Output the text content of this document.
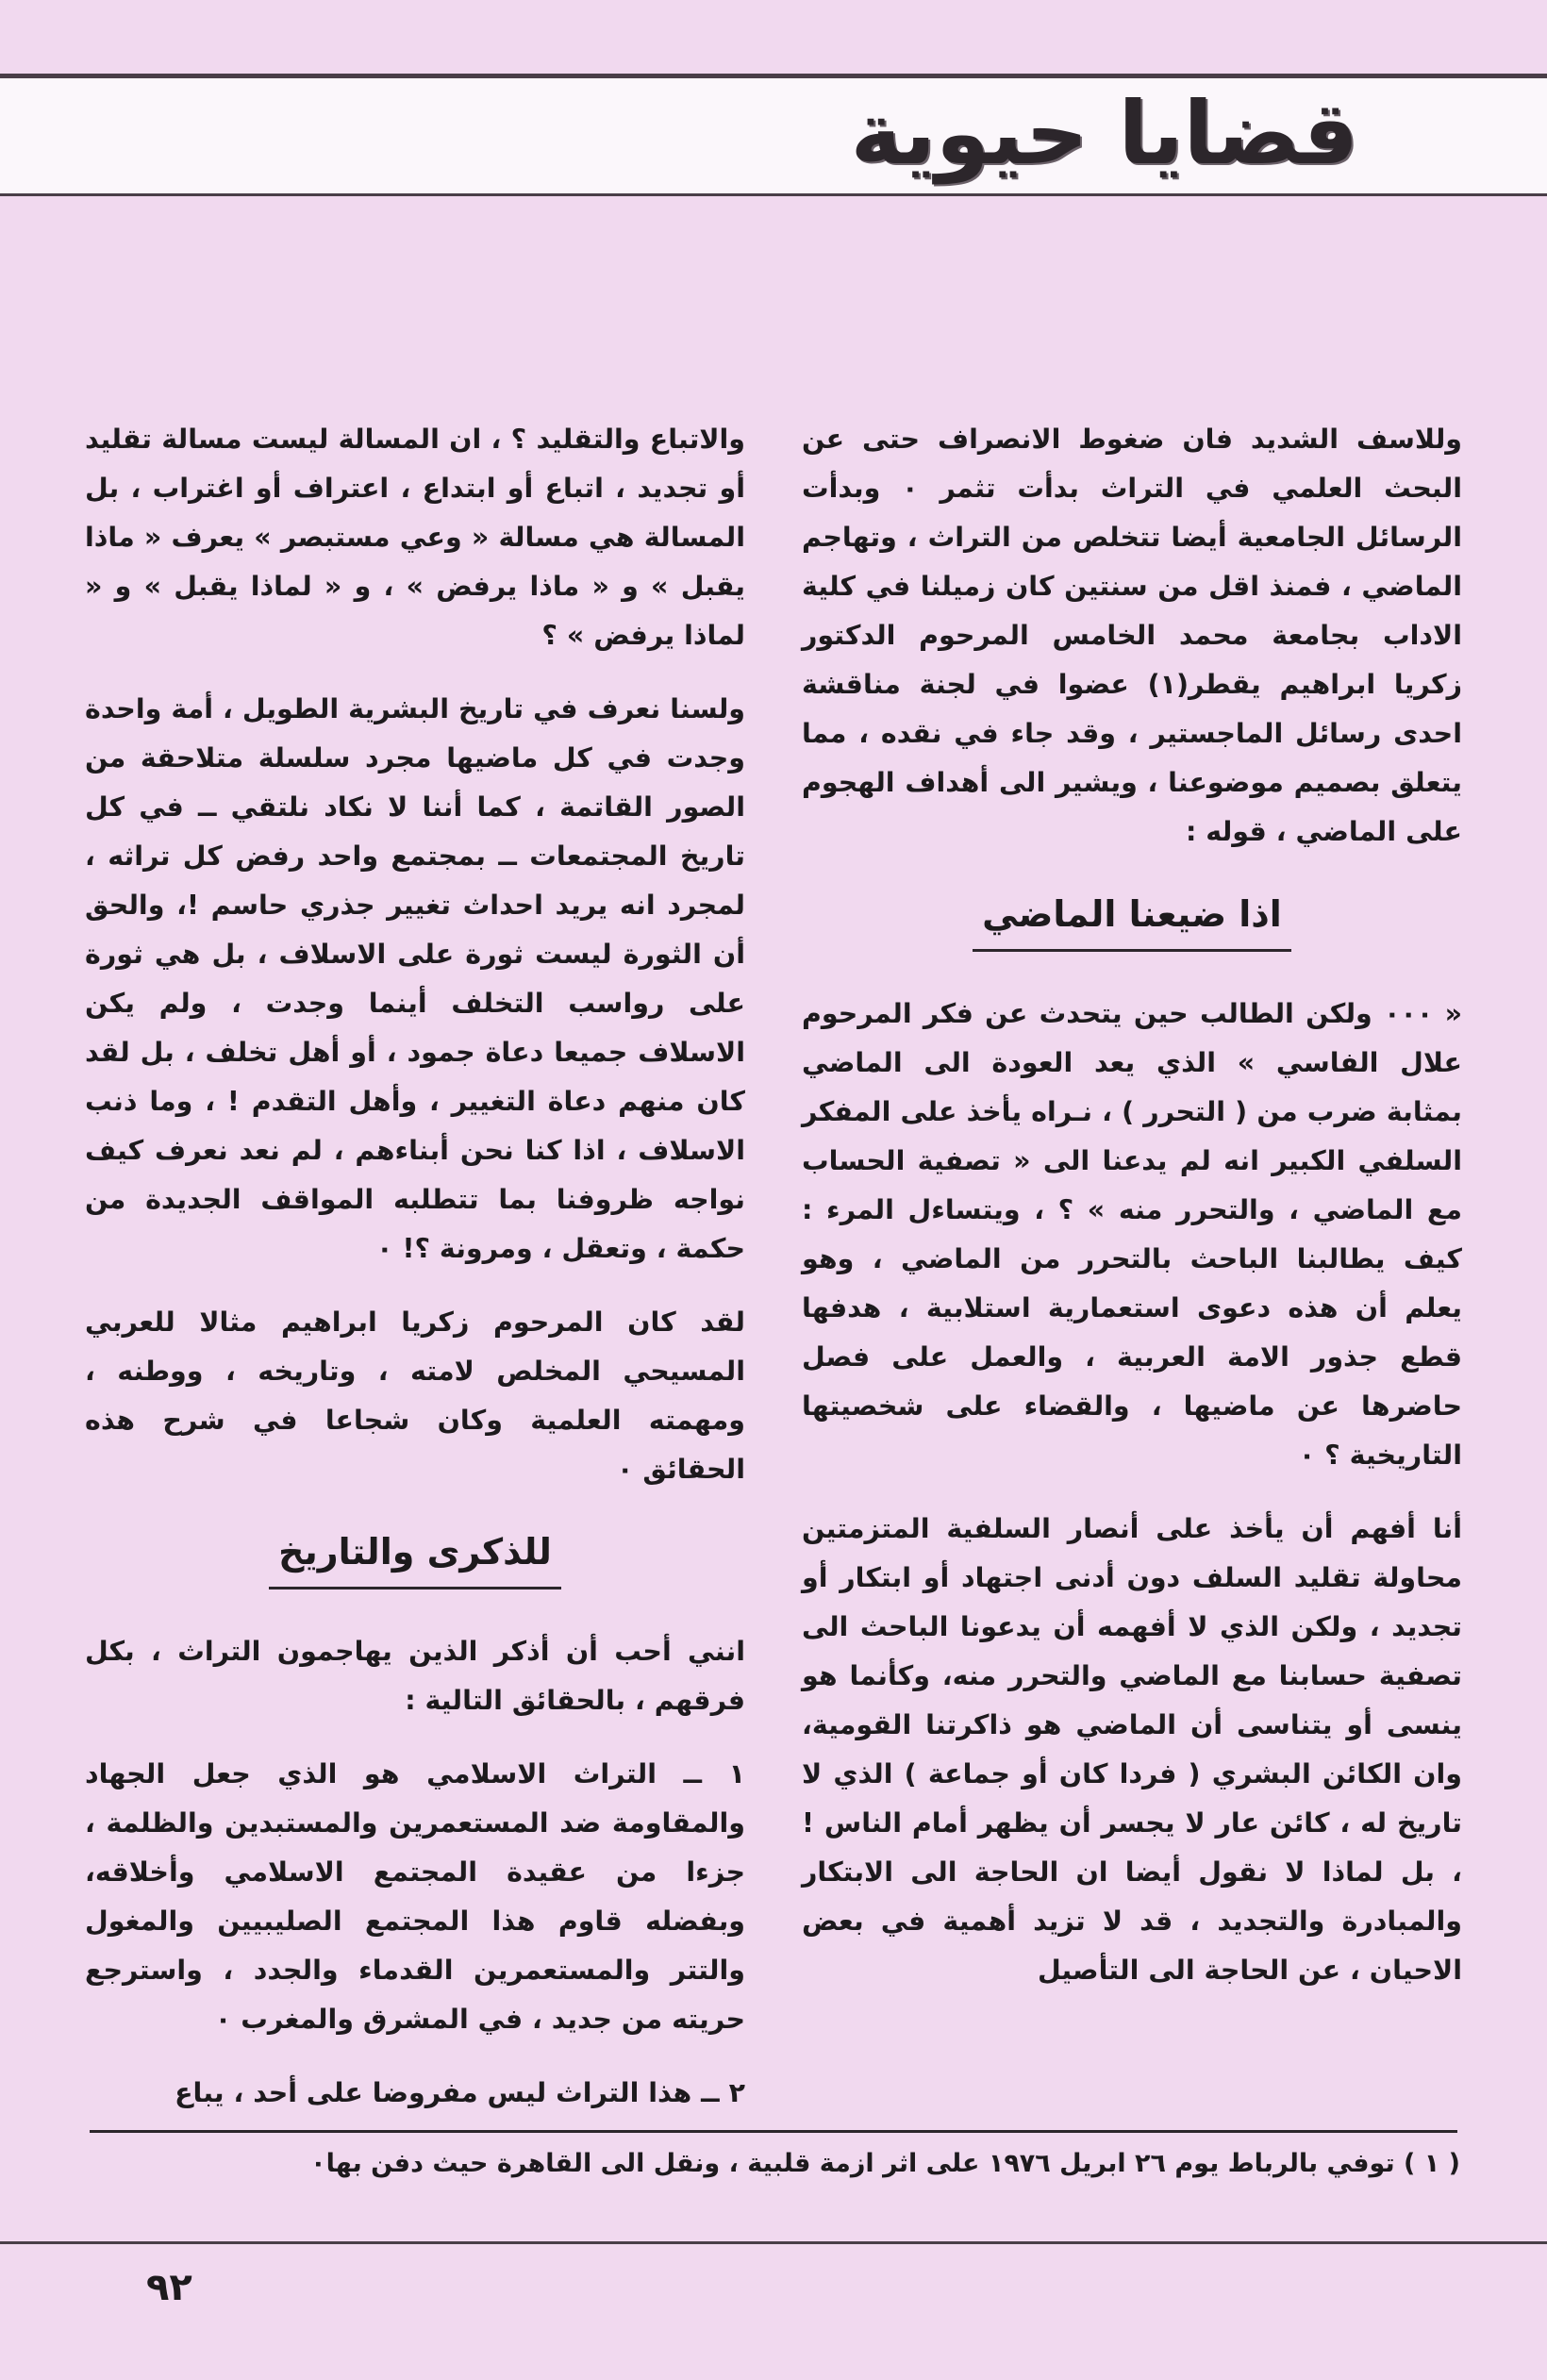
قضايا حيوية

وللاسف الشديد فان ضغوط الانصراف حتى عن البحث العلمي في التراث بدأت تثمر ٠ وبدأت الرسائل الجامعية أيضا تتخلص من التراث ، وتهاجم الماضي ، فمنذ اقل من سنتين كان زميلنا في كلية الاداب بجامعة محمد الخامس المرحوم الدكتور زكريا ابراهيم يقطر(١) عضوا في لجنة مناقشة احدى رسائل الماجستير ، وقد جاء في نقده ، مما يتعلق بصميم موضوعنا ، ويشير الى أهداف الهجوم على الماضي ، قوله :

اذا ضيعنا الماضي

« ٠٠٠ ولكن الطالب حين يتحدث عن فكر المرحوم علال الفاسي » الذي يعد العودة الى الماضي بمثابة ضرب من ( التحرر ) ، نـراه يأخذ على المفكر السلفي الكبير انه لم يدعنا الى « تصفية الحساب مع الماضي ، والتحرر منه » ؟ ، ويتساءل المرء : كيف يطالبنا الباحث بالتحرر من الماضي ، وهو يعلم أن هذه دعوى استعمارية استلابية ، هدفها قطع جذور الامة العربية ، والعمل على فصل حاضرها عن ماضيها ، والقضاء على شخصيتها التاريخية ؟ ٠

أنا أفهم أن يأخذ على أنصار السلفية المتزمتين محاولة تقليد السلف دون أدنى اجتهاد أو ابتكار أو تجديد ، ولكن الذي لا أفهمه أن يدعونا الباحث الى تصفية حسابنا مع الماضي والتحرر منه، وكأنما هو ينسى أو يتناسى أن الماضي هو ذاكرتنا القومية، وان الكائن البشري ( فردا كان أو جماعة ) الذي لا تاريخ له ، كائن عار لا يجسر أن يظهر أمام الناس ! ، بل لماذا لا نقول أيضا ان الحاجة الى الابتكار والمبادرة والتجديد ، قد لا تزيد أهمية في بعض الاحيان ، عن الحاجة الى التأصيل

والاتباع والتقليد ؟ ، ان المسالة ليست مسالة تقليد أو تجديد ، اتباع أو ابتداع ، اعتراف أو اغتراب ، بل المسالة هي مسالة « وعي مستبصر » يعرف « ماذا يقبل » و « ماذا يرفض » ، و « لماذا يقبل » و « لماذا يرفض » ؟

ولسنا نعرف في تاريخ البشرية الطويل ، أمة واحدة وجدت في كل ماضيها مجرد سلسلة متلاحقة من الصور القاتمة ، كما أننا لا نكاد نلتقي ــ في كل تاريخ المجتمعات ــ بمجتمع واحد رفض كل تراثه ، لمجرد انه يريد احداث تغيير جذري حاسم !، والحق أن الثورة ليست ثورة على الاسلاف ، بل هي ثورة على رواسب التخلف أينما وجدت ، ولم يكن الاسلاف جميعا دعاة جمود ، أو أهل تخلف ، بل لقد كان منهم دعاة التغيير ، وأهل التقدم ! ، وما ذنب الاسلاف ، اذا كنا نحن أبناءهم ، لم نعد نعرف كيف نواجه ظروفنا بما تتطلبه المواقف الجديدة من حكمة ، وتعقل ، ومرونة ؟! ٠

لقد كان المرحوم زكريا ابراهيم مثالا للعربي المسيحي المخلص لامته ، وتاريخه ، ووطنه ، ومهمته العلمية وكان شجاعا في شرح هذه الحقائق ٠

للذكرى والتاريخ

انني أحب أن أذكر الذين يهاجمون التراث ، بكل فرقهم ، بالحقائق التالية :

١ ــ التراث الاسلامي هو الذي جعل الجهاد والمقاومة ضد المستعمرين والمستبدين والظلمة ، جزءا من عقيدة المجتمع الاسلامي وأخلاقه، وبفضله قاوم هذا المجتمع الصليبيين والمغول والتتر والمستعمرين القدماء والجدد ، واسترجع حريته من جديد ، في المشرق والمغرب ٠

٢ ــ هذا التراث ليس مفروضا على أحد ، يباع

( ١ ) توفي بالرباط يوم ٢٦ ابريل ١٩٧٦ على اثر ازمة قلبية ، ونقل الى القاهرة حيث دفن بها٠

٩٢
